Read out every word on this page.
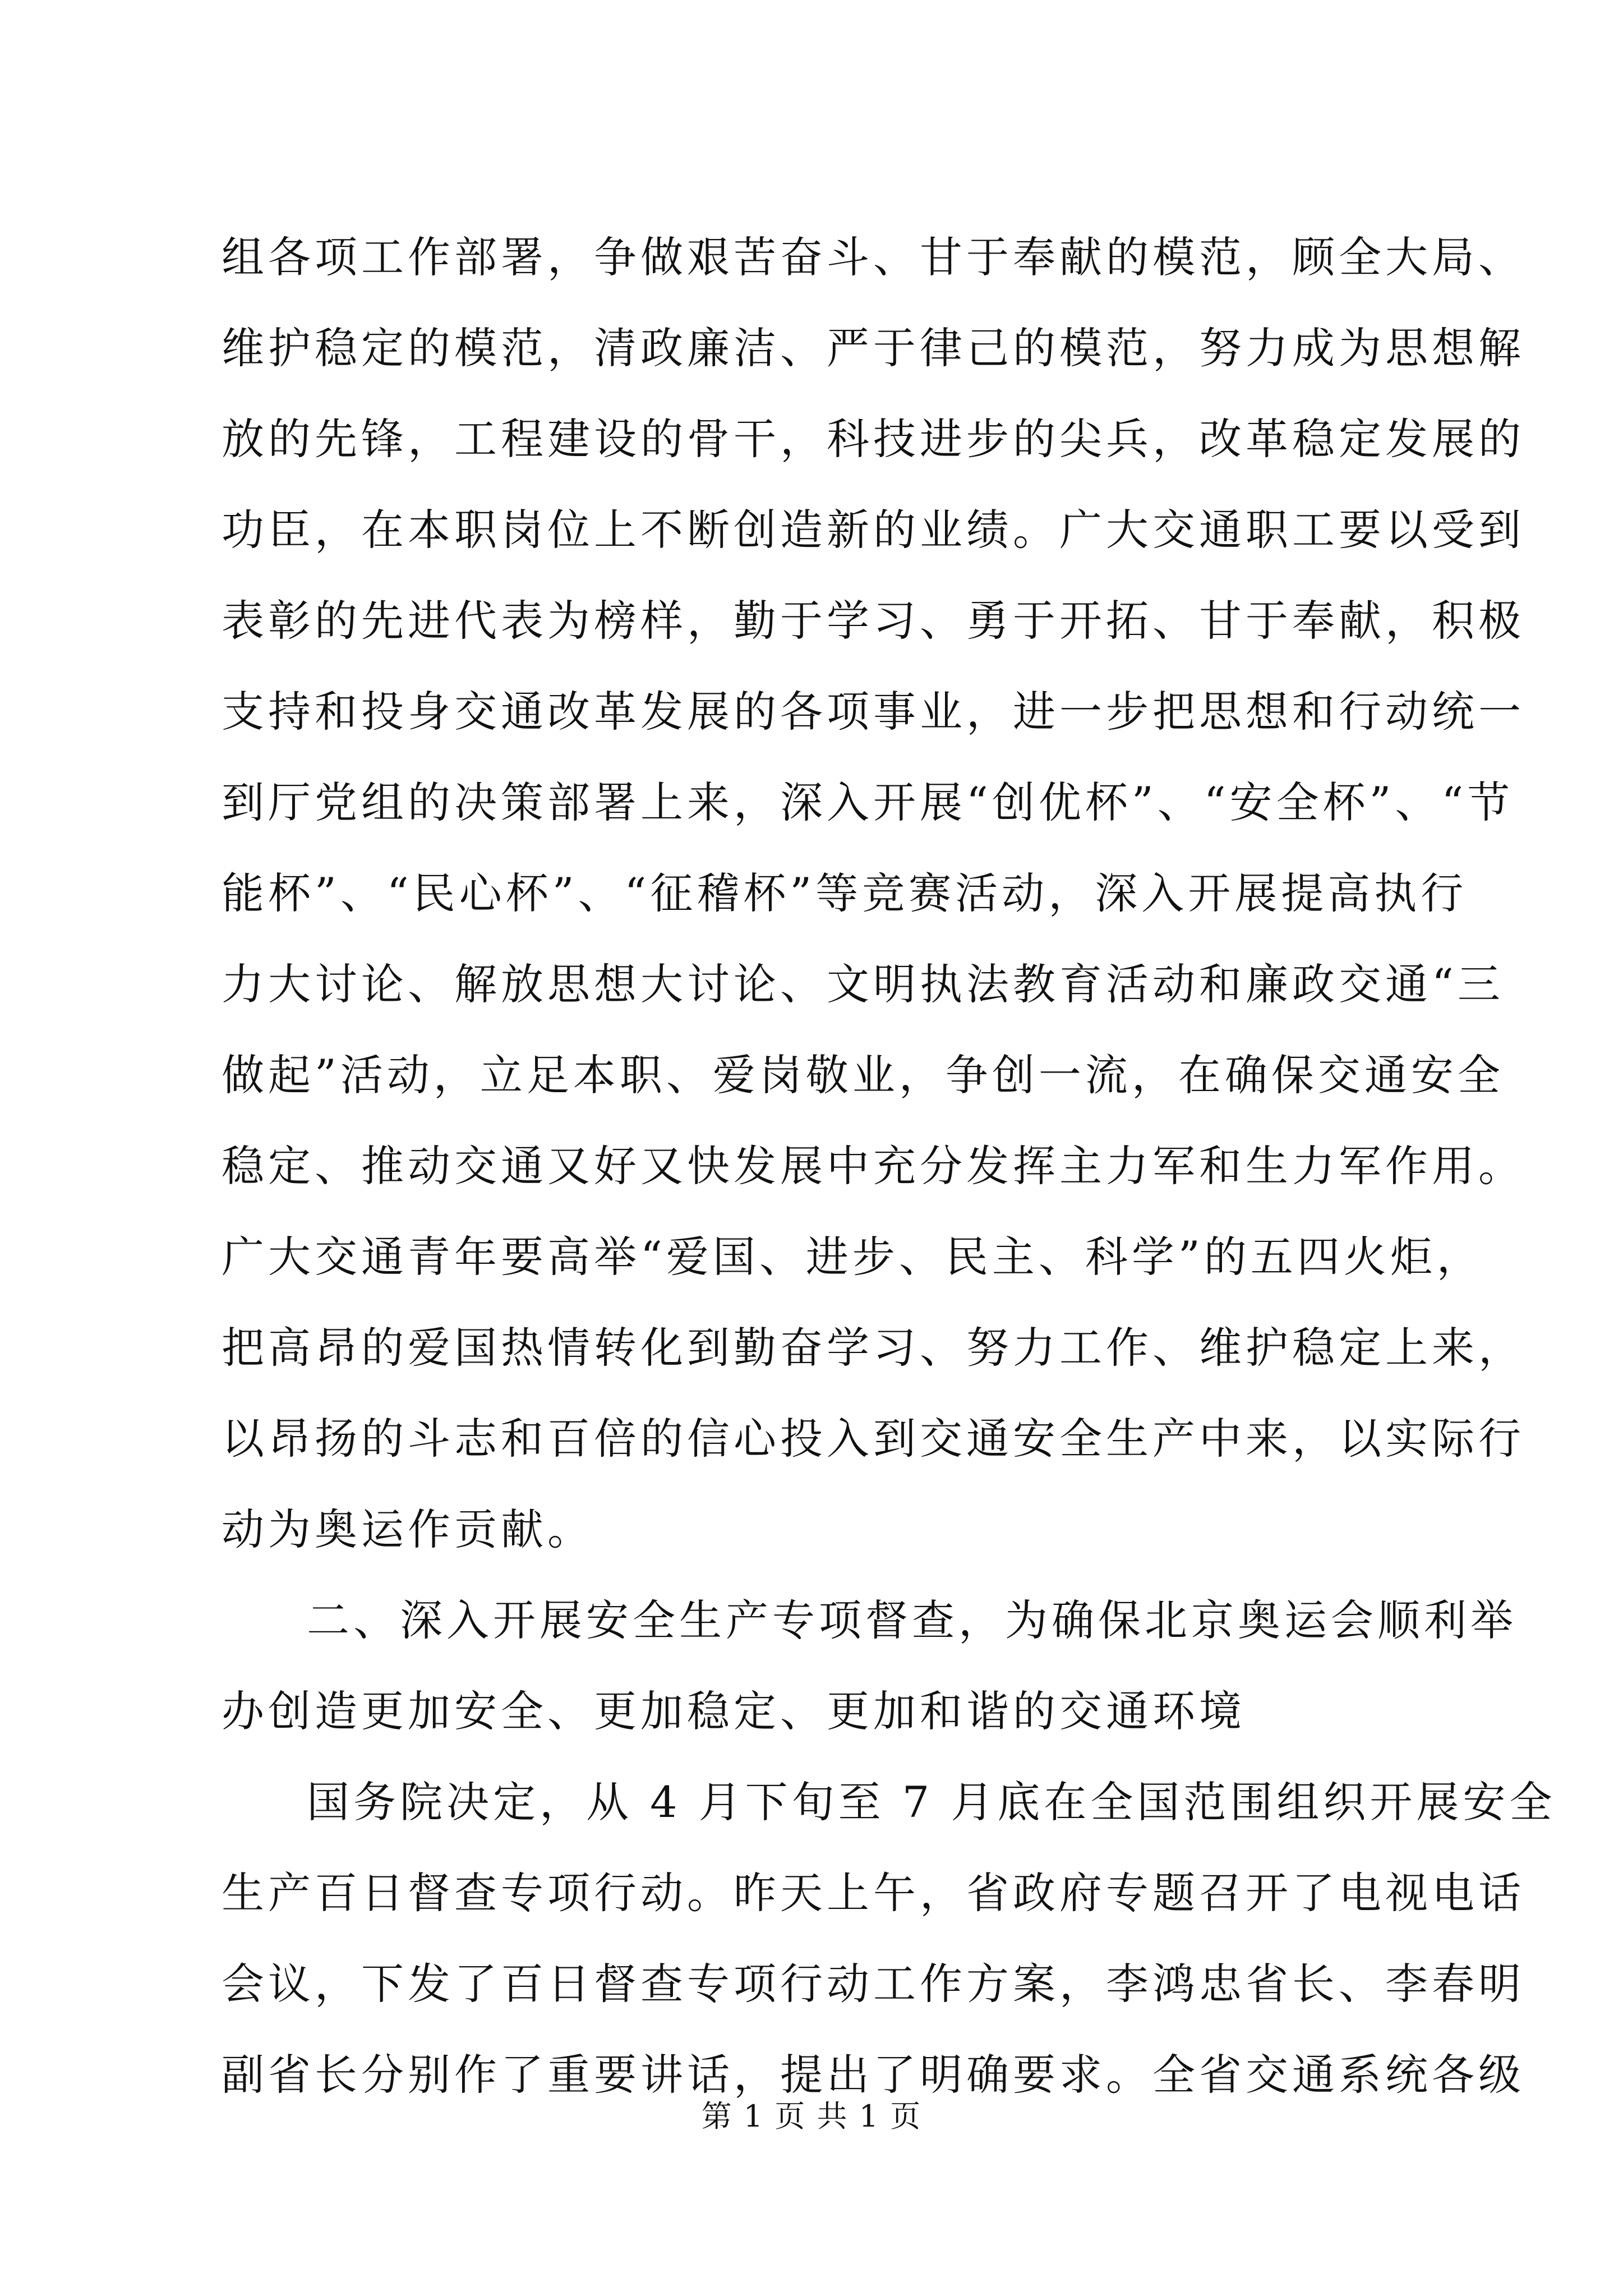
组各项工作部署，争做艰苦奋斗、甘于奉献的模范，顾全大局、
维护稳定的模范，清政廉洁、严于律己的模范，努力成为思想解
放的先锋，工程建设的骨干，科技进步的尖兵，改革稳定发展的
功臣，在本职岗位上不断创造新的业绩。广大交通职工要以受到
表彰的先进代表为榜样，勤于学习、勇于开拓、甘于奉献，积极
支持和投身交通改革发展的各项事业，进一步把思想和行动统一
到厅党组的决策部署上来，深入开展“创优杯”、“安全杯”、“节
能杯”、“民心杯”、“征稽杯”等竞赛活动，深入开展提高执行
力大讨论、解放思想大讨论、文明执法教育活动和廉政交通“三
做起”活动，立足本职、爱岗敬业，争创一流，在确保交通安全
稳定、推动交通又好又快发展中充分发挥主力军和生力军作用。
广大交通青年要高举“爱国、进步、民主、科学”的五四火炬，
把高昂的爱国热情转化到勤奋学习、努力工作、维护稳定上来，
以昂扬的斗志和百倍的信心投入到交通安全生产中来，以实际行
动为奥运作贡献。
二、深入开展安全生产专项督查，为确保北京奥运会顺利举
办创造更加安全、更加稳定、更加和谐的交通环境
国务院决定，从 4 月下旬至 7 月底在全国范围组织开展安全
生产百日督查专项行动。昨天上午，省政府专题召开了电视电话
会议，下发了百日督查专项行动工作方案，李鸿忠省长、李春明
副省长分别作了重要讲话，提出了明确要求。全省交通系统各级
第 1 页 共 1 页
